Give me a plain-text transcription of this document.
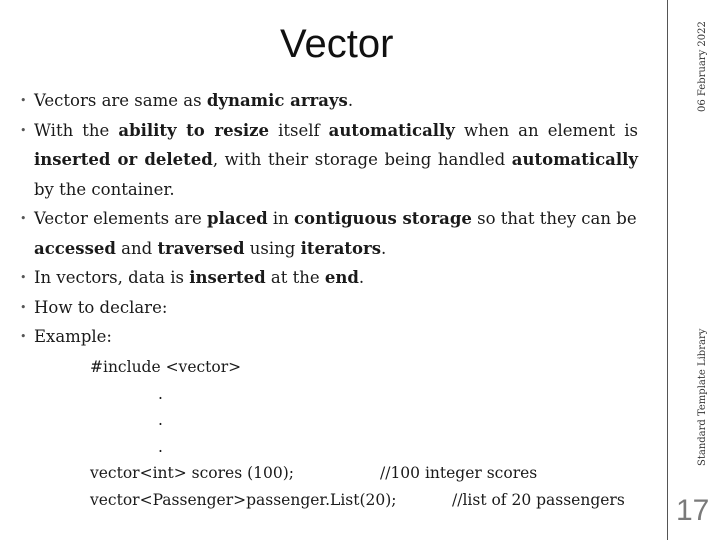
Vector	06 February 2022
Standard Template Library
17
• Vectors are same as dynamic arrays.
• With the ability to resize itself automatically when an element is inserted or deleted, with their storage being handled automatically by the container.
• Vector elements are placed in contiguous storage so that they can be accessed and traversed using iterators.
• In vectors, data is inserted at the end.
• How to declare:
• Example:
#include <vector>
.
.
.
vector<int> scores (100);	//100 integer scores
vector<Passenger>passenger.List(20);	//list of 20 passengers
